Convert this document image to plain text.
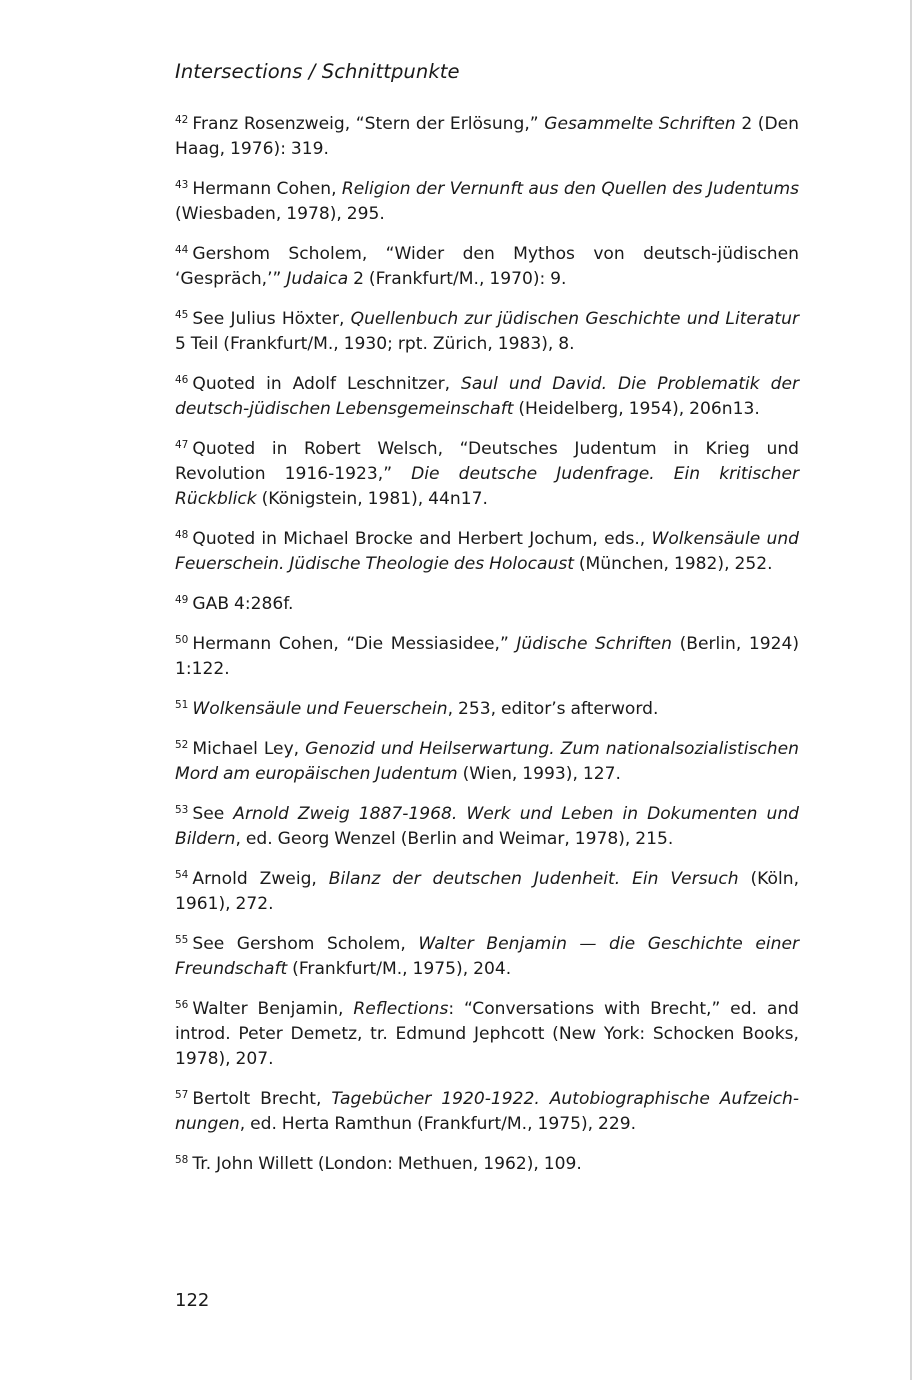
Intersections / Schnittpunkte
$^{42}$ Franz Rosenzweig, “Stern der Erlösung,” Gesammelte Schriften 2 (Den Haag, 1976): 319.
$^{43}$ Hermann Cohen, Religion der Vernunft aus den Quellen des Judentums (Wiesbaden, 1978), 295.
$^{44}$ Gershom Scholem, “Wider den Mythos von deutsch-jüdischen ‘Gespräch,’” Judaica 2 (Frankfurt/M., 1970): 9.
$^{45}$ See Julius Höxter, Quellenbuch zur jüdischen Geschichte und Literatur 5 Teil (Frankfurt/M., 1930; rpt. Zürich, 1983), 8.
$^{46}$ Quoted in Adolf Leschnitzer, Saul und David. Die Problematik der deutsch-jüdischen Lebensgemeinschaft (Heidelberg, 1954), 206n13.
$^{47}$ Quoted in Robert Welsch, “Deutsches Judentum in Krieg und Revolution 1916-1923,” Die deutsche Judenfrage. Ein kritischer Rückblick (Königstein, 1981), 44n17.
$^{48}$ Quoted in Michael Brocke and Herbert Jochum, eds., Wolkensäule und Feuerschein. Jüdische Theologie des Holocaust (München, 1982), 252.
$^{49}$ GAB 4:286f.
$^{50}$ Hermann Cohen, “Die Messiasidee,” Jüdische Schriften (Berlin, 1924) 1:122.
$^{51}$ Wolkensäule und Feuerschein, 253, editor’s afterword.
$^{52}$ Michael Ley, Genozid und Heilserwartung. Zum nationalsozialistischen Mord am europäischen Judentum (Wien, 1993), 127.
$^{53}$ See Arnold Zweig 1887-1968. Werk und Leben in Dokumenten und Bildern, ed. Georg Wenzel (Berlin and Weimar, 1978), 215.
$^{54}$ Arnold Zweig, Bilanz der deutschen Judenheit. Ein Versuch (Köln, 1961), 272.
$^{55}$ See Gershom Scholem, Walter Benjamin — die Geschichte einer Freundschaft (Frankfurt/M., 1975), 204.
$^{56}$ Walter Benjamin, Reflections: “Conversations with Brecht,” ed. and introd. Peter Demetz, tr. Edmund Jephcott (New York: Schocken Books, 1978), 207.
$^{57}$ Bertolt Brecht, Tagebücher 1920-1922. Autobiographische Aufzeichnungen, ed. Herta Ramthun (Frankfurt/M., 1975), 229.
$^{58}$ Tr. John Willett (London: Methuen, 1962), 109.

122
